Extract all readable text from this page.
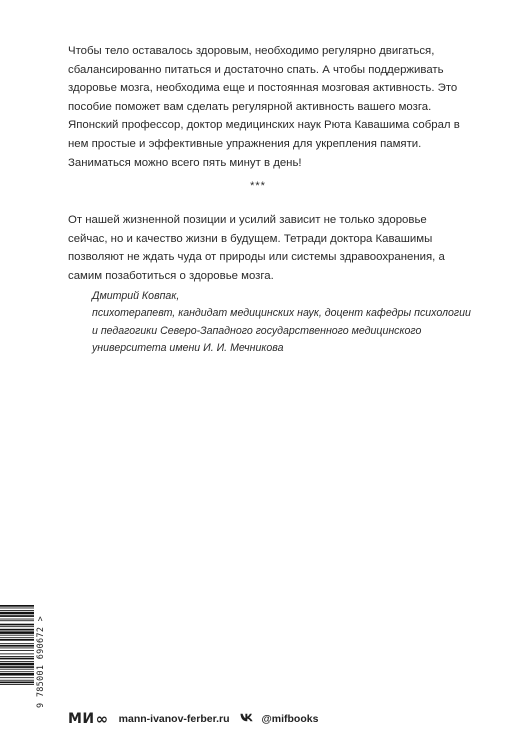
Чтобы тело оставалось здоровым, необходимо регулярно двигаться, сбалансированно питаться и достаточно спать. А чтобы поддерживать здоровье мозга, необходима еще и постоянная мозговая активность. Это пособие поможет вам сделать регулярной активность вашего мозга. Японский профессор, доктор медицинских наук Рюта Кавашима собрал в нем простые и эффективные упражнения для укрепления памяти. Заниматься можно всего пять минут в день!

***

От нашей жизненной позиции и усилий зависит не только здоровье сейчас, но и качество жизни в будущем. Тетради доктора Кавашимы позволяют не ждать чуда от природы или системы здравоохранения, а самим позаботиться о здоровье мозга.

Дмитрий Ковпак,
психотерапевт, кандидат медицинских наук, доцент кафедры психологии
и педагогики Северо-Западного государственного медицинского
университета имени И. И. Мечникова
9 785001 690672 >
МИ ∞ mann-ivanov-ferber.ru	@mifbooks
